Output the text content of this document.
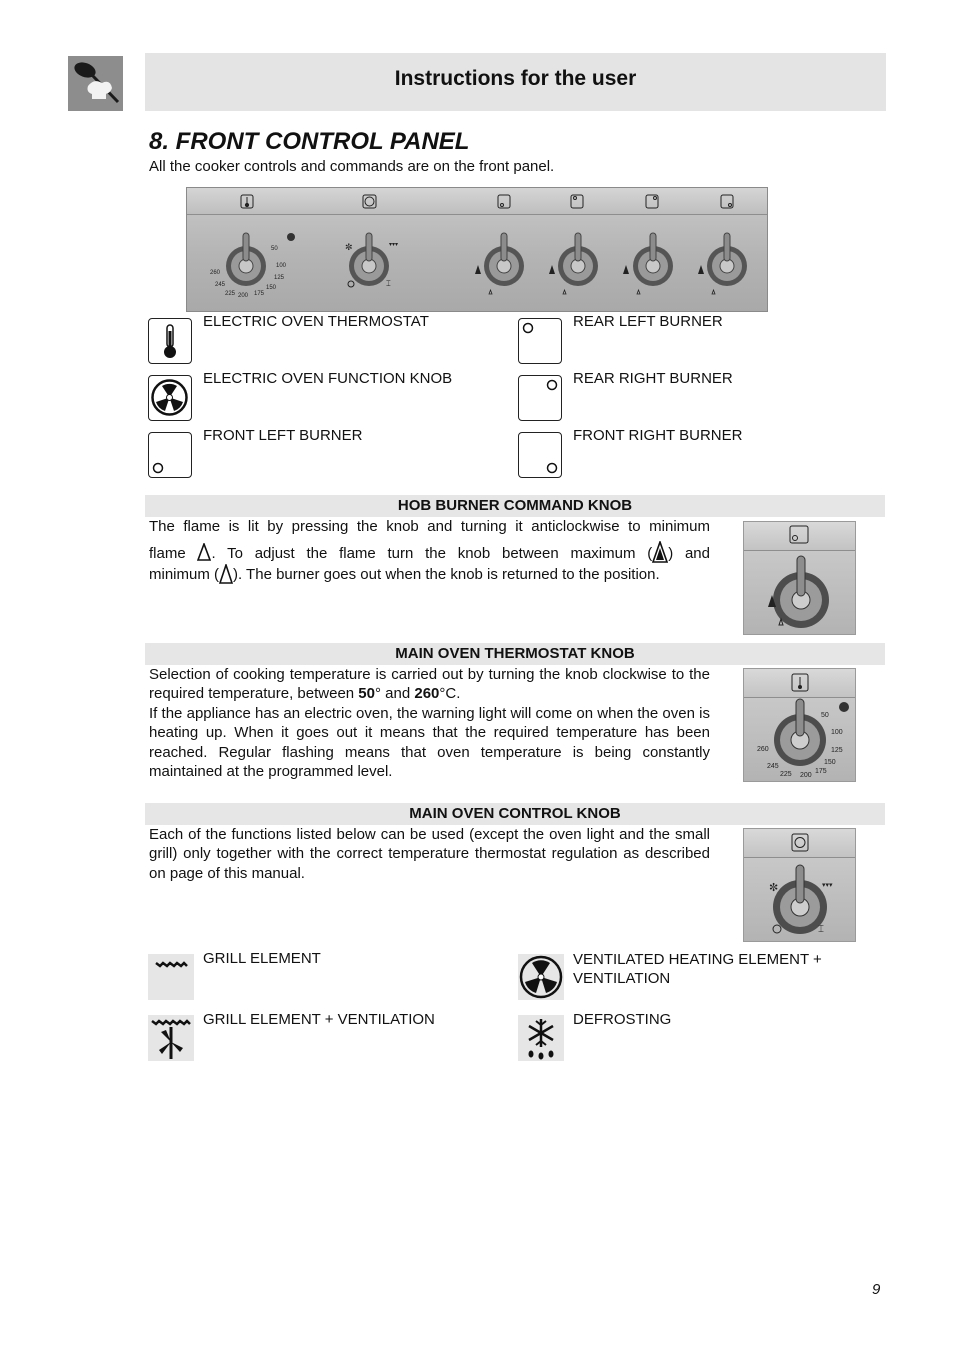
Instructions for the user
8. FRONT CONTROL PANEL
All the cooker controls and commands are on the front panel.
50
100
125
150
175
200
225
245
260
✼	▾▾▾
⌶
ELECTRIC OVEN THERMOSTAT
ELECTRIC OVEN FUNCTION KNOB
FRONT LEFT BURNER
REAR LEFT BURNER
REAR RIGHT BURNER
FRONT RIGHT BURNER
HOB BURNER COMMAND KNOB
The flame is lit by pressing the knob and turning it anticlockwise to minimum
flame . To adjust the flame turn the knob between maximum ( ) and
minimum ( ). The burner goes out when the knob is returned to the position.
MAIN OVEN THERMOSTAT KNOB
Selection of cooking temperature is carried out by turning the knob clockwise to the required temperature, between 50° and 260°C.
If the appliance has an electric oven, the warning light will come on when the oven is heating up. When it goes out it means that the required temperature has been reached. Regular flashing means that oven temperature is being constantly maintained at the programmed level.
50
100
125
150
175
200
225
245
260
MAIN OVEN CONTROL KNOB
Each of the functions listed below can be used (except the oven light and the small grill) only together with the correct temperature thermostat regulation as described on page of this manual.
✼	▾▾▾
⌶
GRILL ELEMENT
GRILL ELEMENT + VENTILATION
VENTILATED HEATING ELEMENT + VENTILATION
DEFROSTING
9
